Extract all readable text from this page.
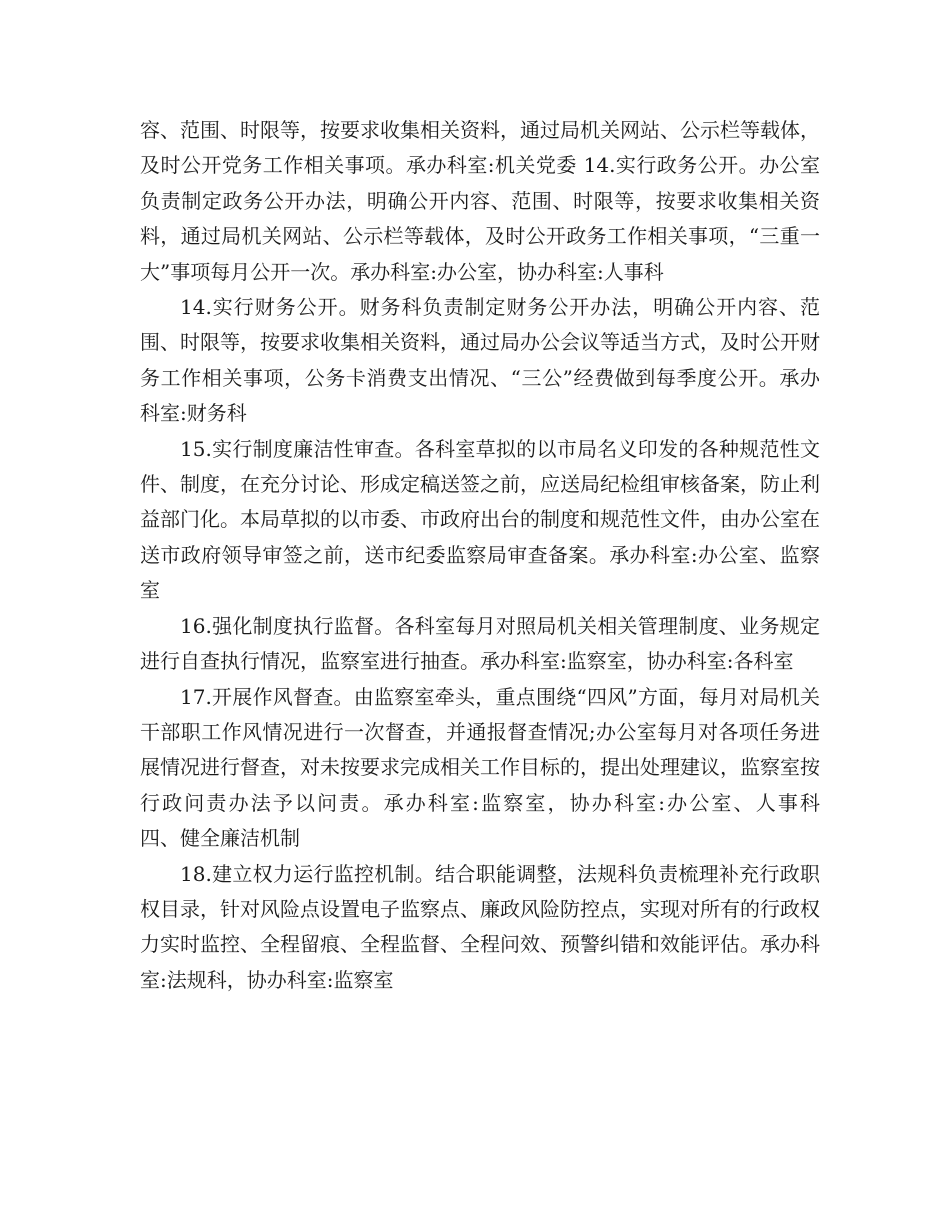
容、范围、时限等，按要求收集相关资料，通过局机关网站、公示栏等载体，及时公开党务工作相关事项。承办科室:机关党委 14.实行政务公开。办公室负责制定政务公开办法，明确公开内容、范围、时限等，按要求收集相关资料，通过局机关网站、公示栏等载体，及时公开政务工作相关事项，“三重一大”事项每月公开一次。承办科室:办公室，协办科室:人事科

14.实行财务公开。财务科负责制定财务公开办法，明确公开内容、范围、时限等，按要求收集相关资料，通过局办公会议等适当方式，及时公开财务工作相关事项，公务卡消费支出情况、“三公”经费做到每季度公开。承办科室:财务科

15.实行制度廉洁性审查。各科室草拟的以市局名义印发的各种规范性文件、制度，在充分讨论、形成定稿送签之前，应送局纪检组审核备案，防止利益部门化。本局草拟的以市委、市政府出台的制度和规范性文件，由办公室在送市政府领导审签之前，送市纪委监察局审查备案。承办科室:办公室、监察室

16.强化制度执行监督。各科室每月对照局机关相关管理制度、业务规定进行自查执行情况，监察室进行抽查。承办科室:监察室，协办科室:各科室

17.开展作风督查。由监察室牵头，重点围绕“四风”方面，每月对局机关干部职工作风情况进行一次督查，并通报督查情况;办公室每月对各项任务进展情况进行督查，对未按要求完成相关工作目标的，提出处理建议，监察室按行政问责办法予以问责。承办科室:监察室，协办科室:办公室、人事科　　　四、健全廉洁机制

18.建立权力运行监控机制。结合职能调整，法规科负责梳理补充行政职权目录，针对风险点设置电子监察点、廉政风险防控点，实现对所有的行政权力实时监控、全程留痕、全程监督、全程问效、预警纠错和效能评估。承办科室:法规科，协办科室:监察室
